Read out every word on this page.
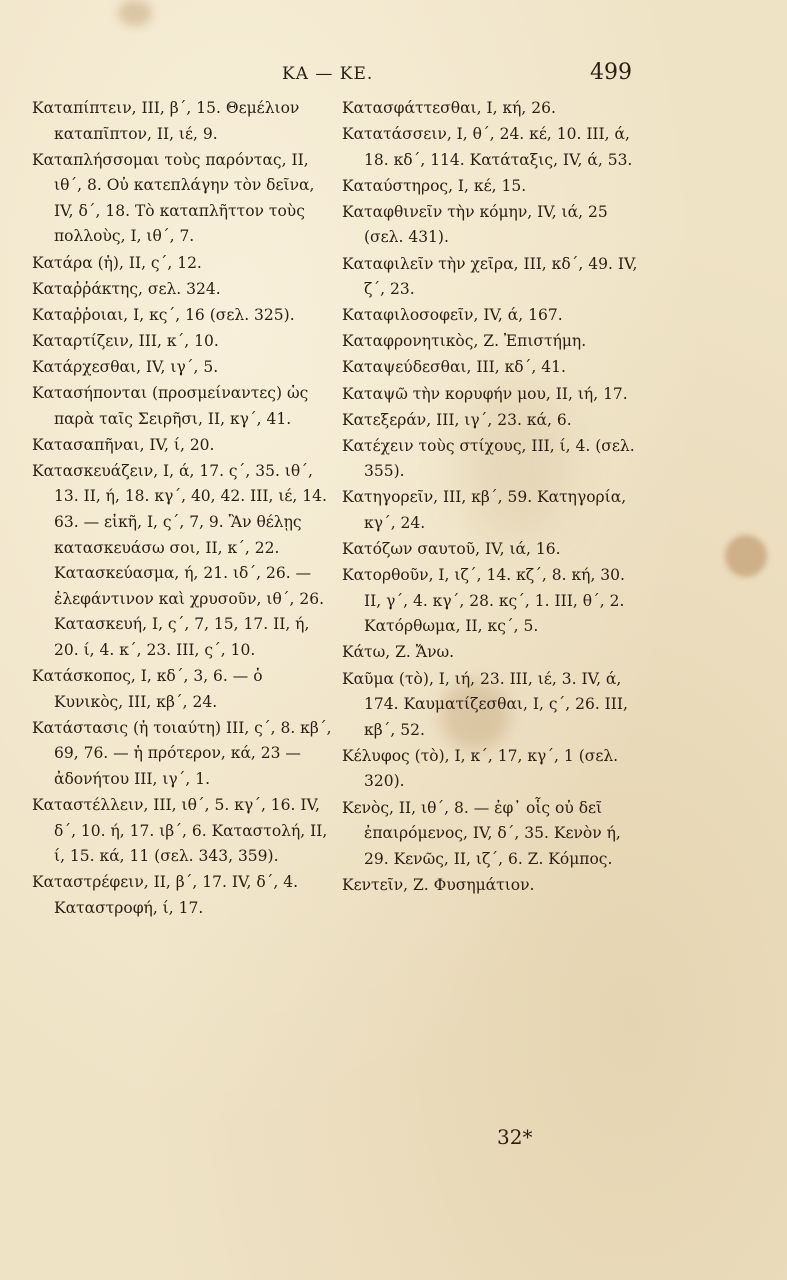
ΚΑ — ΚΕ.	499

Καταπίπτειν, III, β΄, 15. Θεμέλιον καταπῖπτον, II, ιέ, 9.

Καταπλήσσομαι τοὺς παρόντας, II, ιθ΄, 8. Οὐ κατεπλάγην τὸν δεῖνα, IV, δ΄, 18. Τὸ καταπλῆττον τοὺς πολλοὺς, I, ιθ΄, 7.

Κατάρα (ἡ), II, ς΄, 12.

Καταῤῥάκτης, σελ. 324.

Καταῤῥοιαι, I, κς΄, 16 (σελ. 325).

Καταρτίζειν, III, κ΄, 10.

Κατάρχεσθαι, IV, ιγ΄, 5.

Κατασήπονται (προσμείναντες) ὡς παρὰ ταῖς Σειρῆσι, II, κγ΄, 41.

Κατασαπῆναι, IV, ί, 20.

Κατασκευάζειν, I, ά, 17. ς΄, 35. ιθ΄, 13. II, ή, 18. κγ΄, 40, 42. III, ιέ, 14. 63. — εἰκῆ, I, ς΄, 7, 9. Ἂν θέλῃς κατασκευάσω σοι, II, κ΄, 22. Κατασκεύασμα, ή, 21. ιδ΄, 26. — ἐλεφάντινον καὶ χρυσοῦν, ιθ΄, 26. Κατασκευή, I, ς΄, 7, 15, 17. II, ή, 20. ί, 4. κ΄, 23. III, ς΄, 10.

Κατάσκοπος, I, κδ΄, 3, 6. — ὁ Κυνικὸς, III, κβ΄, 24.

Κατάστασις (ἡ τοιαύτη) III, ς΄, 8. κβ΄, 69, 76. — ἡ πρότερον, κά, 23 — ἀδονήτου III, ιγ΄, 1.

Καταστέλλειν, III, ιθ΄, 5. κγ΄, 16. IV, δ΄, 10. ή, 17. ιβ΄, 6. Καταστολή, II, ί, 15. κά, 11 (σελ. 343, 359).

Καταστρέφειν, II, β΄, 17. IV, δ΄, 4. Καταστροφή, ί, 17.

Κατασφάττεσθαι, I, κή, 26.

Κατατάσσειν, I, θ΄, 24. κέ, 10. III, ά, 18. κδ΄, 114. Κατάταξις, IV, ά, 53.

Καταύστηρος, I, κέ, 15.

Καταφθινεῖν τὴν κόμην, IV, ιά, 25 (σελ. 431).

Καταφιλεῖν τὴν χεῖρα, III, κδ΄, 49. IV, ζ΄, 23.

Καταφιλοσοφεῖν, IV, ά, 167.

Καταφρονητικὸς, Ζ. Ἐπιστήμη.

Καταψεύδεσθαι, III, κδ΄, 41.

Καταψῶ τὴν κορυφήν μου, II, ιή, 17.

Κατεξεράν, III, ιγ΄, 23. κά, 6.

Κατέχειν τοὺς στίχους, III, ί, 4. (σελ. 355).

Κατηγορεῖν, III, κβ΄, 59. Κατηγορία, κγ΄, 24.

Κατόζων σαυτοῦ, IV, ιά, 16.

Κατορθοῦν, I, ιζ΄, 14. κζ΄, 8. κή, 30. II, γ΄, 4. κγ΄, 28. κς΄, 1. III, θ΄, 2. Κατόρθωμα, II, κς΄, 5.

Κάτω, Ζ. Ἄνω.

Καῦμα (τὸ), I, ιή, 23. III, ιέ, 3. IV, ά, 174. Καυματίζεσθαι, I, ς΄, 26. III, κβ΄, 52.

Κέλυφος (τὸ), I, κ΄, 17, κγ΄, 1 (σελ. 320).

Κενὸς, II, ιθ΄, 8. — ἐφ᾽ οἷς οὐ δεῖ ἐπαιρόμενος, IV, δ΄, 35. Κενὸν ή, 29. Κενῶς, II, ιζ΄, 6. Ζ. Κόμπος.

Κεντεῖν, Ζ. Φυσημάτιον.

32*
